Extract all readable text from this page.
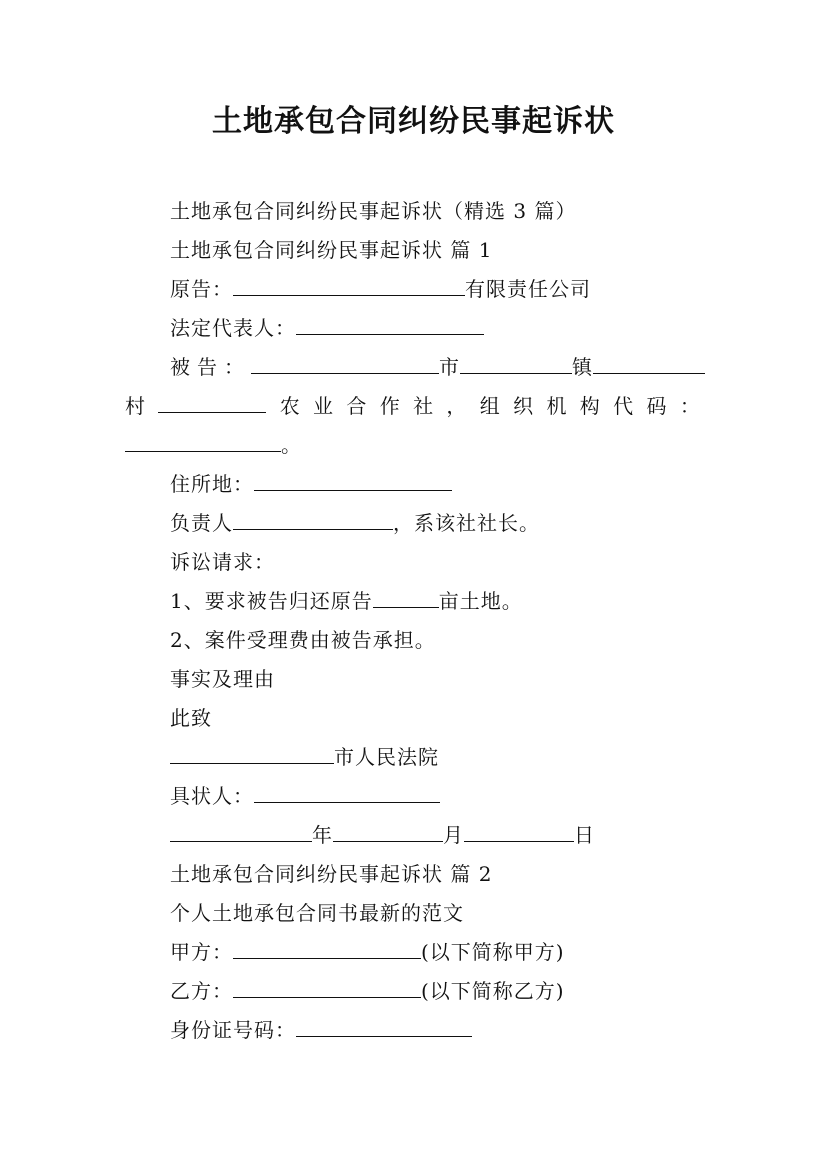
土地承包合同纠纷民事起诉状
土地承包合同纠纷民事起诉状（精选 3 篇）
土地承包合同纠纷民事起诉状 篇 1
原告：	有限责任公司
法定代表人：
被告：	市	镇
村	农 业 合 作 社 ， 组 织 机 构 代 码 ：
。
住所地：
负责人	，系该社社长。
诉讼请求：
1、要求被告归还原告	亩土地。
2、案件受理费由被告承担。
事实及理由
此致
市人民法院
具状人：
年	月	日
土地承包合同纠纷民事起诉状 篇 2
个人土地承包合同书最新的范文
甲方：	(以下简称甲方)
乙方：	(以下简称乙方)
身份证号码：
